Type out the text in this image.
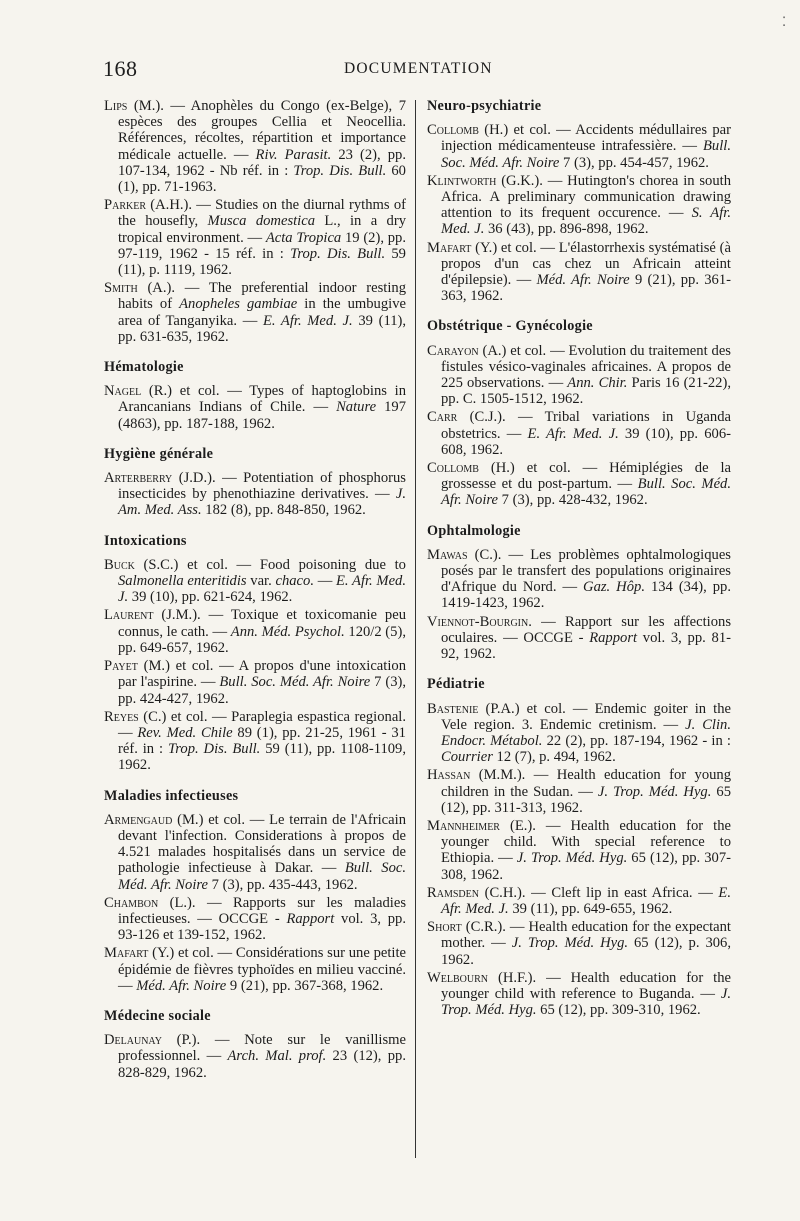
168	DOCUMENTATION
⁚

Lips (M.). — Anophèles du Congo (ex-Belge), 7 espèces des groupes Cellia et Neocellia. Références, récoltes, répartition et importance médicale actuelle. — Riv. Parasit. 23 (2), pp. 107-134, 1962 - Nb réf. in : Trop. Dis. Bull. 60 (1), pp. 71-1963.

Parker (A.H.). — Studies on the diurnal rythms of the housefly, Musca domestica L., in a dry tropical environment. — Acta Tropica 19 (2), pp. 97-119, 1962 - 15 réf. in : Trop. Dis. Bull. 59 (11), p. 1119, 1962.

Smith (A.). — The preferential indoor resting habits of Anopheles gambiae in the umbugive area of Tanganyika. — E. Afr. Med. J. 39 (11), pp. 631-635, 1962.

Hématologie

Nagel (R.) et col. — Types of haptoglobins in Arancanians Indians of Chile. — Nature 197 (4863), pp. 187-188, 1962.

Hygiène générale

Arterberry (J.D.). — Potentiation of phosphorus insecticides by phenothiazine derivatives. — J. Am. Med. Ass. 182 (8), pp. 848-850, 1962.

Intoxications

Buck (S.C.) et col. — Food poisoning due to Salmonella enteritidis var. chaco. — E. Afr. Med. J. 39 (10), pp. 621-624, 1962.

Laurent (J.M.). — Toxique et toxicomanie peu connus, le cath. — Ann. Méd. Psychol. 120/2 (5), pp. 649-657, 1962.

Payet (M.) et col. — A propos d'une intoxication par l'aspirine. — Bull. Soc. Méd. Afr. Noire 7 (3), pp. 424-427, 1962.

Reyes (C.) et col. — Paraplegia espastica regional. — Rev. Med. Chile 89 (1), pp. 21-25, 1961 - 31 réf. in : Trop. Dis. Bull. 59 (11), pp. 1108-1109, 1962.

Maladies infectieuses

Armengaud (M.) et col. — Le terrain de l'Africain devant l'infection. Considerations à propos de 4.521 malades hospitalisés dans un service de pathologie infectieuse à Dakar. — Bull. Soc. Méd. Afr. Noire 7 (3), pp. 435-443, 1962.

Chambon (L.). — Rapports sur les maladies infectieuses. — OCCGE - Rapport vol. 3, pp. 93-126 et 139-152, 1962.

Mafart (Y.) et col. — Considérations sur une petite épidémie de fièvres typhoïdes en milieu vacciné. — Méd. Afr. Noire 9 (21), pp. 367-368, 1962.

Médecine sociale

Delaunay (P.). — Note sur le vanillisme professionnel. — Arch. Mal. prof. 23 (12), pp. 828-829, 1962.

Neuro-psychiatrie

Collomb (H.) et col. — Accidents médullaires par injection médicamenteuse intrafessière. — Bull. Soc. Méd. Afr. Noire 7 (3), pp. 454-457, 1962.

Klintworth (G.K.). — Hutington's chorea in south Africa. A preliminary communication drawing attention to its frequent occurence. — S. Afr. Med. J. 36 (43), pp. 896-898, 1962.

Mafart (Y.) et col. — L'élastorrhexis systématisé (à propos d'un cas chez un Africain atteint d'épilepsie). — Méd. Afr. Noire 9 (21), pp. 361-363, 1962.

Obstétrique - Gynécologie

Carayon (A.) et col. — Evolution du traitement des fistules vésico-vaginales africaines. A propos de 225 observations. — Ann. Chir. Paris 16 (21-22), pp. C. 1505-1512, 1962.

Carr (C.J.). — Tribal variations in Uganda obstetrics. — E. Afr. Med. J. 39 (10), pp. 606-608, 1962.

Collomb (H.) et col. — Hémiplégies de la grossesse et du post-partum. — Bull. Soc. Méd. Afr. Noire 7 (3), pp. 428-432, 1962.

Ophtalmologie

Mawas (C.). — Les problèmes ophtalmologiques posés par le transfert des populations originaires d'Afrique du Nord. — Gaz. Hôp. 134 (34), pp. 1419-1423, 1962.

Viennot-Bourgin. — Rapport sur les affections oculaires. — OCCGE - Rapport vol. 3, pp. 81-92, 1962.

Pédiatrie

Bastenie (P.A.) et col. — Endemic goiter in the Vele region. 3. Endemic cretinism. — J. Clin. Endocr. Métabol. 22 (2), pp. 187-194, 1962 - in : Courrier 12 (7), p. 494, 1962.

Hassan (M.M.). — Health education for young children in the Sudan. — J. Trop. Méd. Hyg. 65 (12), pp. 311-313, 1962.

Mannheimer (E.). — Health education for the younger child. With special reference to Ethiopia. — J. Trop. Méd. Hyg. 65 (12), pp. 307-308, 1962.

Ramsden (C.H.). — Cleft lip in east Africa. — E. Afr. Med. J. 39 (11), pp. 649-655, 1962.

Short (C.R.). — Health education for the expectant mother. — J. Trop. Méd. Hyg. 65 (12), p. 306, 1962.

Welbourn (H.F.). — Health education for the younger child with reference to Buganda. — J. Trop. Méd. Hyg. 65 (12), pp. 309-310, 1962.
